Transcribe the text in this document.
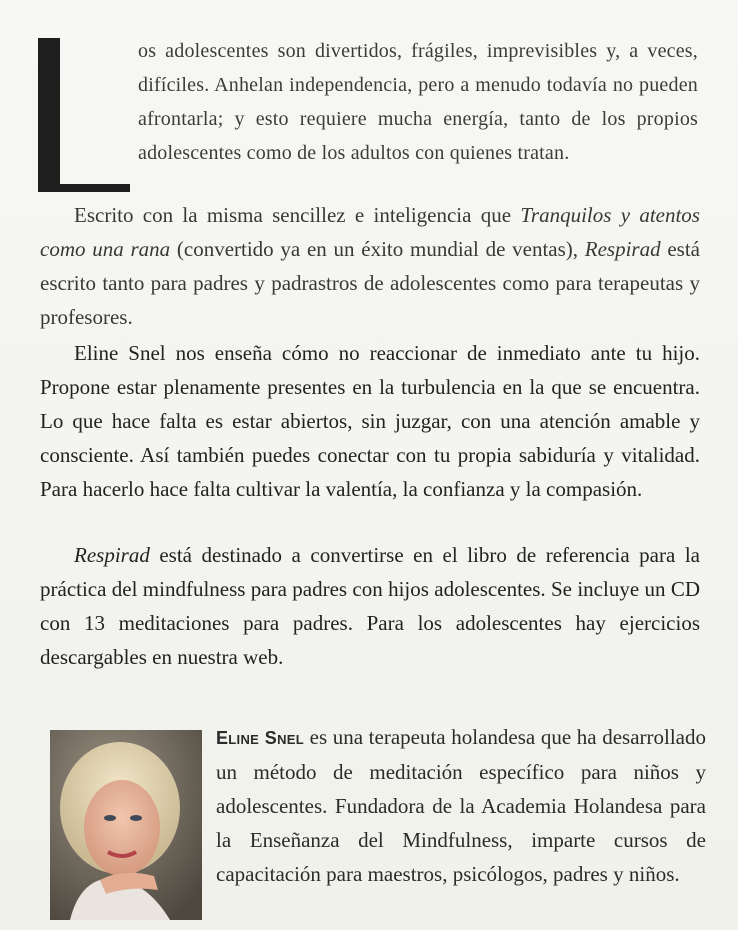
os adolescentes son divertidos, frágiles, imprevisibles y, a veces, difíciles. Anhelan independencia, pero a menudo todavía no pueden afrontarla; y esto requiere mucha energía, tanto de los propios adolescentes como de los adultos con quienes tratan.

Escrito con la misma sencillez e inteligencia que Tranquilos y atentos como una rana (convertido ya en un éxito mundial de ventas), Respirad está escrito tanto para padres y padrastros de adolescentes como para terapeutas y profesores.

Eline Snel nos enseña cómo no reaccionar de inmediato ante tu hijo. Propone estar plenamente presentes en la turbulencia en la que se encuentra. Lo que hace falta es estar abiertos, sin juzgar, con una atención amable y consciente. Así también puedes conectar con tu propia sabiduría y vitalidad. Para hacerlo hace falta cultivar la valentía, la confianza y la compasión.

Respirad está destinado a convertirse en el libro de referencia para la práctica del mindfulness para padres con hijos adolescentes. Se incluye un CD con 13 meditaciones para padres. Para los adolescentes hay ejercicios descargables en nuestra web.

Eline Snel es una terapeuta holandesa que ha desarrollado un método de meditación específico para niños y adolescentes. Fundadora de la Academia Holandesa para la Enseñanza del Mindfulness, imparte cursos de capacitación para maestros, psicólogos, padres y niños.
